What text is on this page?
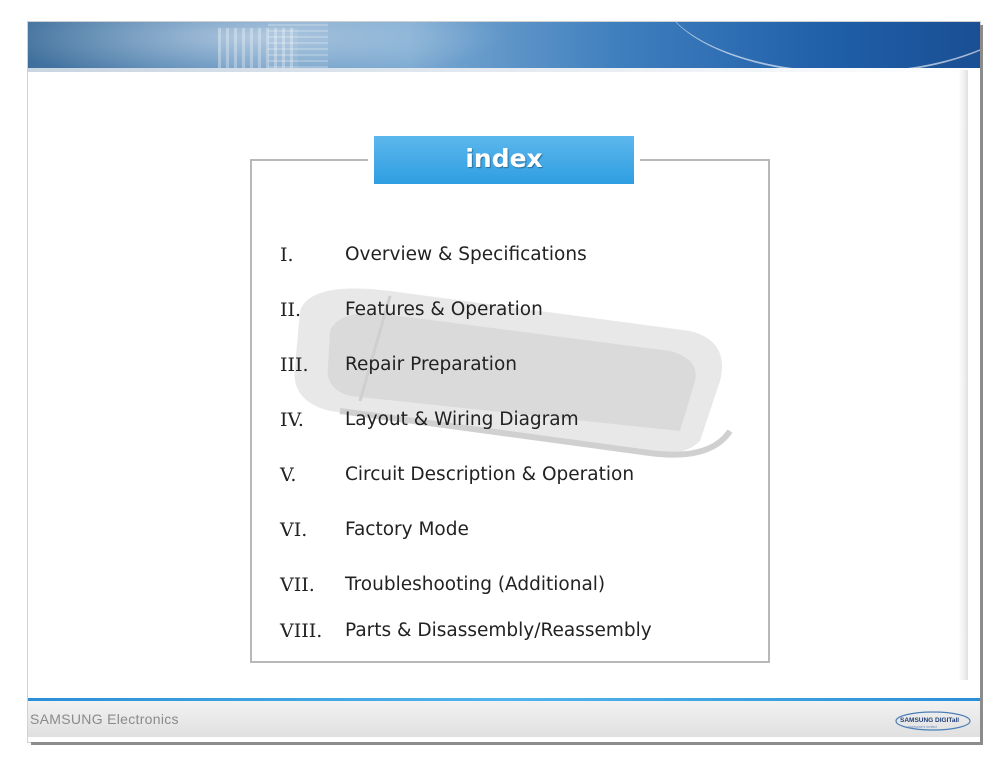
index
I.	Overview & Specifications
II. Features & Operation
III. Repair Preparation
IV. Layout & Wiring Diagram
V.	Circuit Description & Operation
VI. Factory Mode
VII. Troubleshooting (Additional)
VIII. Parts & Disassembly/Reassembly
SAMSUNG Electronics	SAMSUNG DIGITall
everyone's invited
